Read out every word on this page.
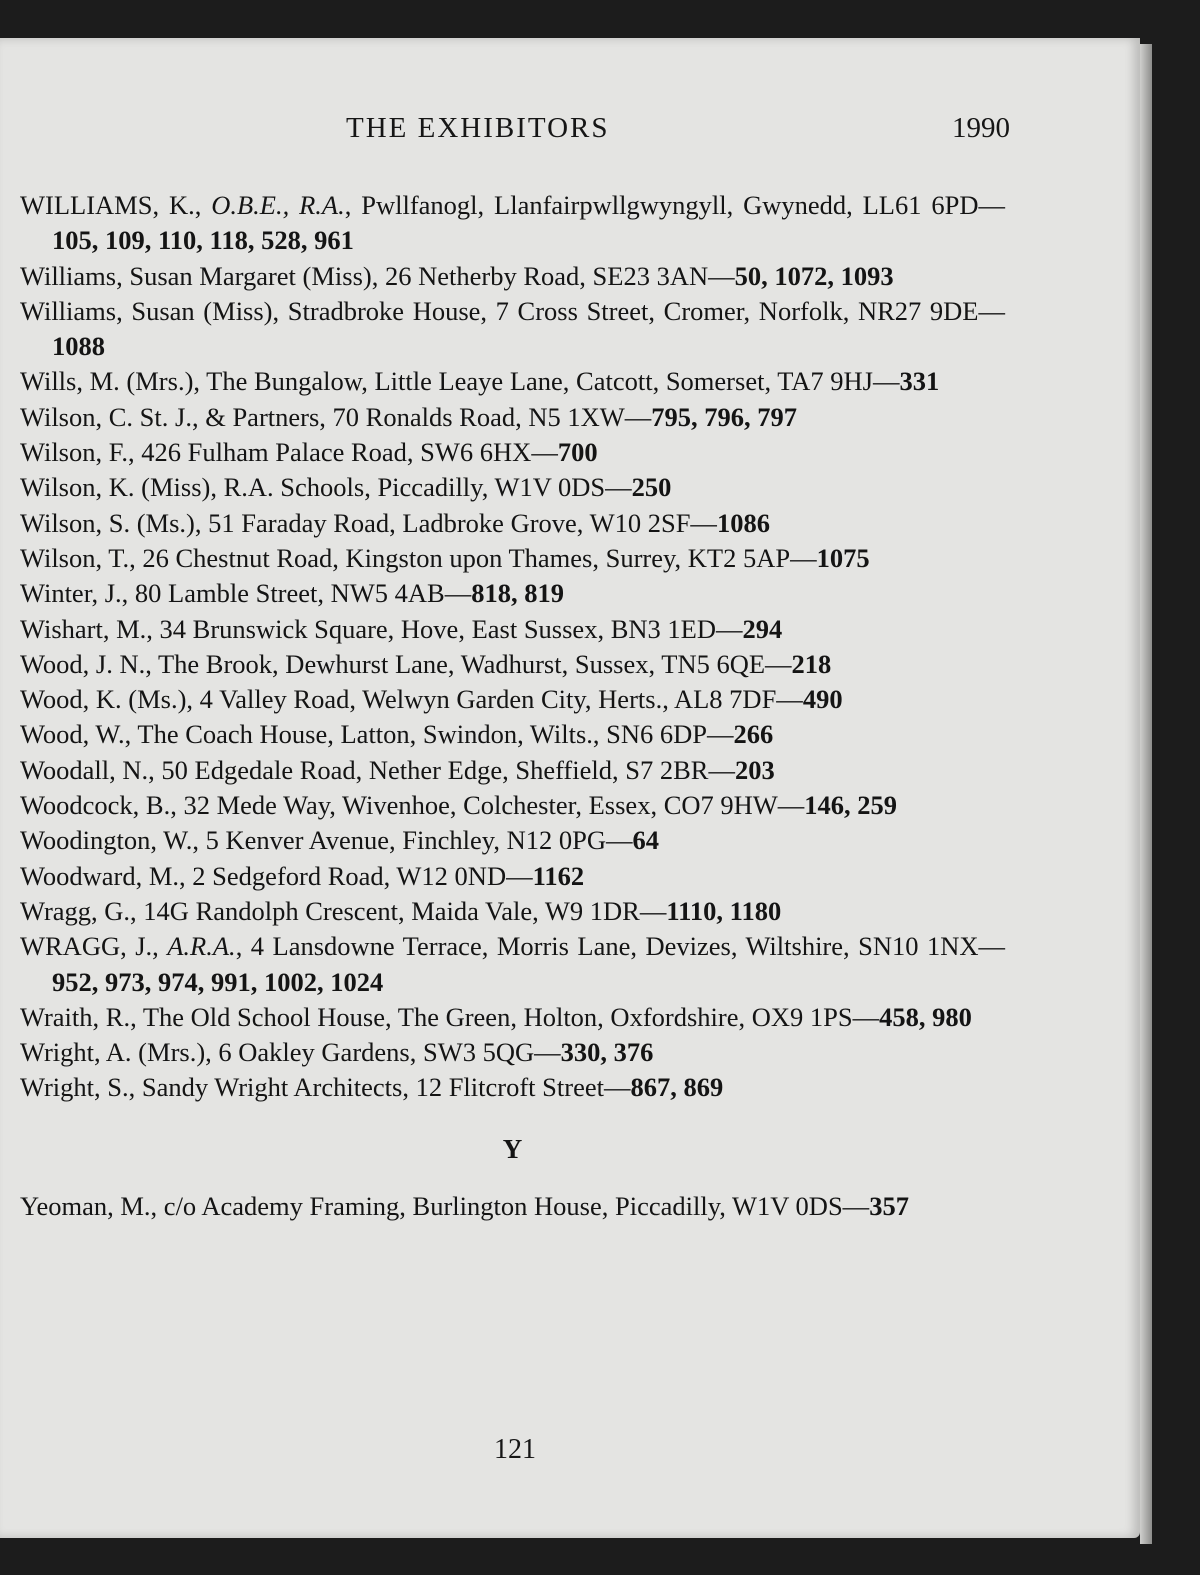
THE EXHIBITORS	1990
WILLIAMS, K., O.B.E., R.A., Pwllfanogl, Llanfairpwllgwyngyll, Gwynedd, LL61 6PD—105, 109, 110, 118, 528, 961
Williams, Susan Margaret (Miss), 26 Netherby Road, SE23 3AN—50, 1072, 1093
Williams, Susan (Miss), Stradbroke House, 7 Cross Street, Cromer, Norfolk, NR27 9DE—1088
Wills, M. (Mrs.), The Bungalow, Little Leaye Lane, Catcott, Somerset, TA7 9HJ—331
Wilson, C. St. J., & Partners, 70 Ronalds Road, N5 1XW—795, 796, 797
Wilson, F., 426 Fulham Palace Road, SW6 6HX—700
Wilson, K. (Miss), R.A. Schools, Piccadilly, W1V 0DS—250
Wilson, S. (Ms.), 51 Faraday Road, Ladbroke Grove, W10 2SF—1086
Wilson, T., 26 Chestnut Road, Kingston upon Thames, Surrey, KT2 5AP—1075
Winter, J., 80 Lamble Street, NW5 4AB—818, 819
Wishart, M., 34 Brunswick Square, Hove, East Sussex, BN3 1ED—294
Wood, J. N., The Brook, Dewhurst Lane, Wadhurst, Sussex, TN5 6QE—218
Wood, K. (Ms.), 4 Valley Road, Welwyn Garden City, Herts., AL8 7DF—490
Wood, W., The Coach House, Latton, Swindon, Wilts., SN6 6DP—266
Woodall, N., 50 Edgedale Road, Nether Edge, Sheffield, S7 2BR—203
Woodcock, B., 32 Mede Way, Wivenhoe, Colchester, Essex, CO7 9HW—146, 259
Woodington, W., 5 Kenver Avenue, Finchley, N12 0PG—64
Woodward, M., 2 Sedgeford Road, W12 0ND—1162
Wragg, G., 14G Randolph Crescent, Maida Vale, W9 1DR—1110, 1180
WRAGG, J., A.R.A., 4 Lansdowne Terrace, Morris Lane, Devizes, Wiltshire, SN10 1NX—952, 973, 974, 991, 1002, 1024
Wraith, R., The Old School House, The Green, Holton, Oxfordshire, OX9 1PS—458, 980
Wright, A. (Mrs.), 6 Oakley Gardens, SW3 5QG—330, 376
Wright, S., Sandy Wright Architects, 12 Flitcroft Street—867, 869
Y
Yeoman, M., c/o Academy Framing, Burlington House, Piccadilly, W1V 0DS—357
121
